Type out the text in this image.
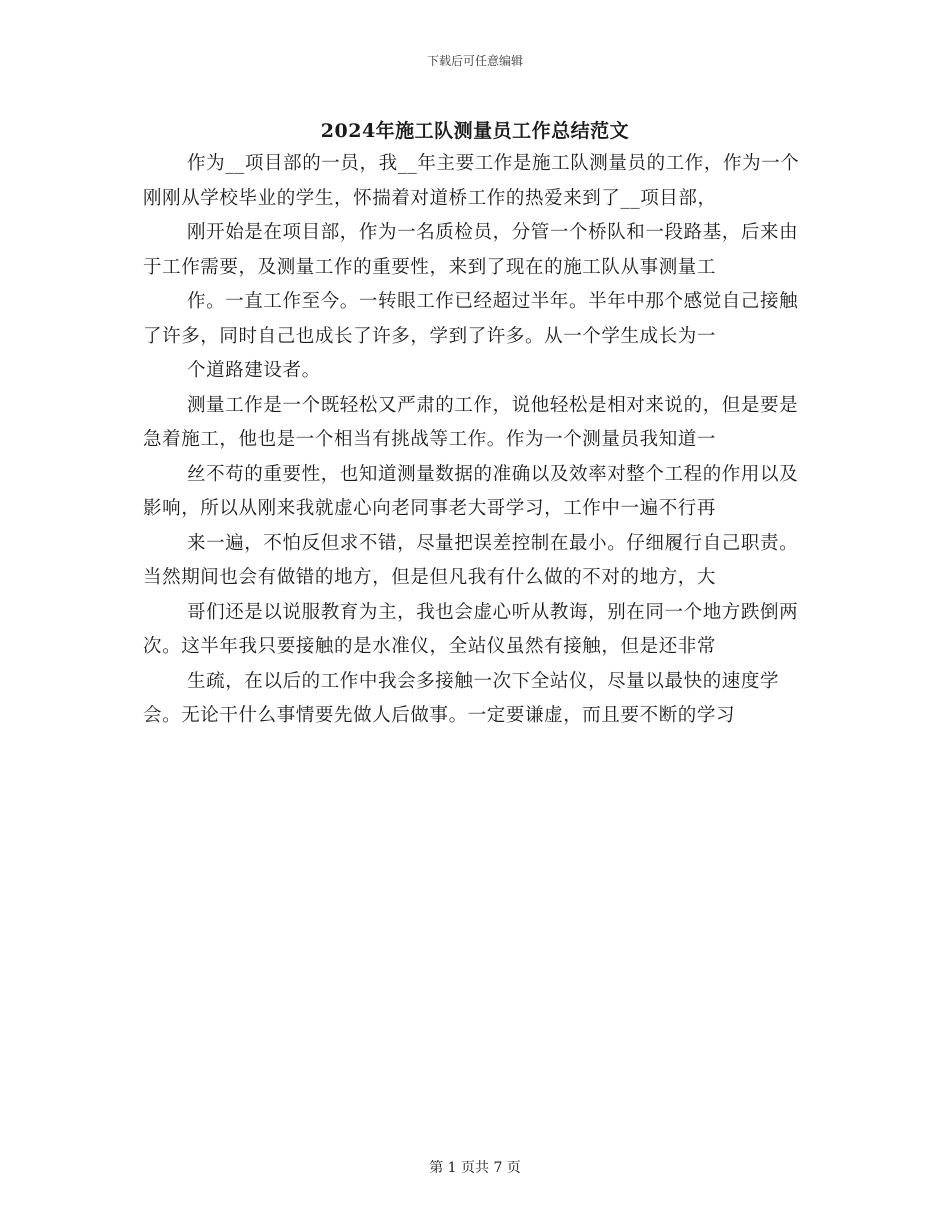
下载后可任意编辑
2024年施工队测量员工作总结范文

作为__项目部的一员，我__年主要工作是施工队测量员的工作，作为一个刚刚从学校毕业的学生，怀揣着对道桥工作的热爱来到了__项目部，

刚开始是在项目部，作为一名质检员，分管一个桥队和一段路基，后来由于工作需要，及测量工作的重要性，来到了现在的施工队从事测量工

作。一直工作至今。一转眼工作已经超过半年。半年中那个感觉自己接触了许多，同时自己也成长了许多，学到了许多。从一个学生成长为一

个道路建设者。

测量工作是一个既轻松又严肃的工作，说他轻松是相对来说的，但是要是急着施工，他也是一个相当有挑战等工作。作为一个测量员我知道一

丝不苟的重要性，也知道测量数据的准确以及效率对整个工程的作用以及影响，所以从刚来我就虚心向老同事老大哥学习，工作中一遍不行再

来一遍，不怕反但求不错，尽量把误差控制在最小。仔细履行自己职责。当然期间也会有做错的地方，但是但凡我有什么做的不对的地方，大

哥们还是以说服教育为主，我也会虚心听从教诲，别在同一个地方跌倒两次。这半年我只要接触的是水准仪，全站仪虽然有接触，但是还非常

生疏，在以后的工作中我会多接触一次下全站仪，尽量以最快的速度学会。无论干什么事情要先做人后做事。一定要谦虚，而且要不断的学习

第 1 页共 7 页
